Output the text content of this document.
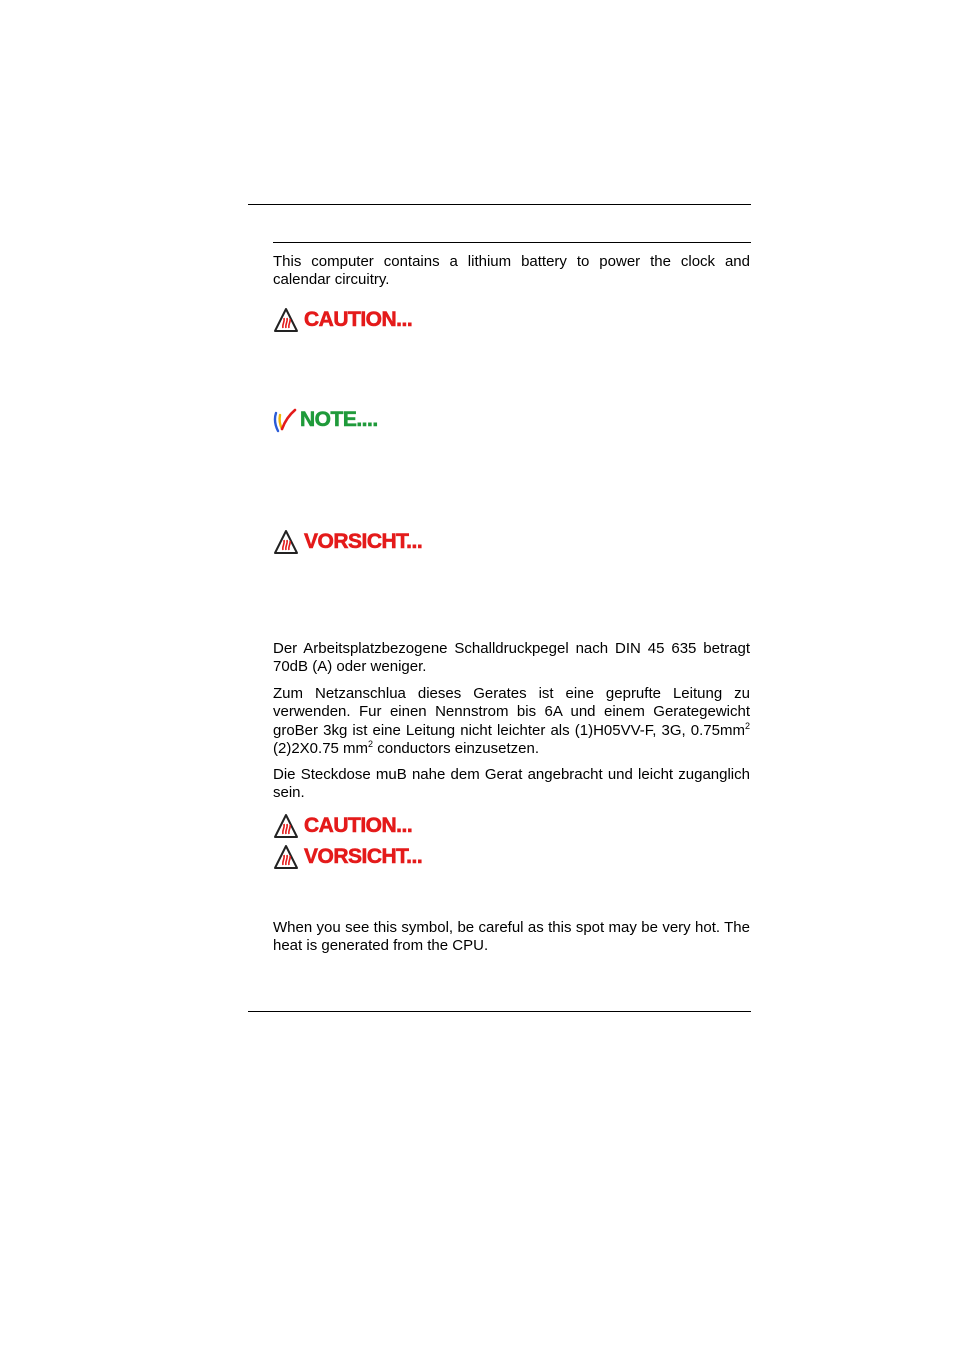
This computer contains a lithium battery to power the clock and calendar circuitry.

CAUTION...
NOTE....
VORSICHT...

Der Arbeitsplatzbezogene Schalldruckpegel nach DIN 45 635 betragt 70dB (A) oder weniger.

Zum Netzanschlua dieses Gerates ist eine geprufte Leitung zu verwenden. Fur einen Nennstrom bis 6A und einem Gerategewicht groBer 3kg ist eine Leitung nicht leichter als (1)H05VV-F, 3G, $0.75mm^2$ (2)2X0.75 $mm^2$ conductors einzusetzen.

Die Steckdose muB nahe dem Gerat angebracht und leicht zuganglich sein.

CAUTION...
VORSICHT...

When you see this symbol, be careful as this spot may be very hot. The heat is generated from the CPU.
